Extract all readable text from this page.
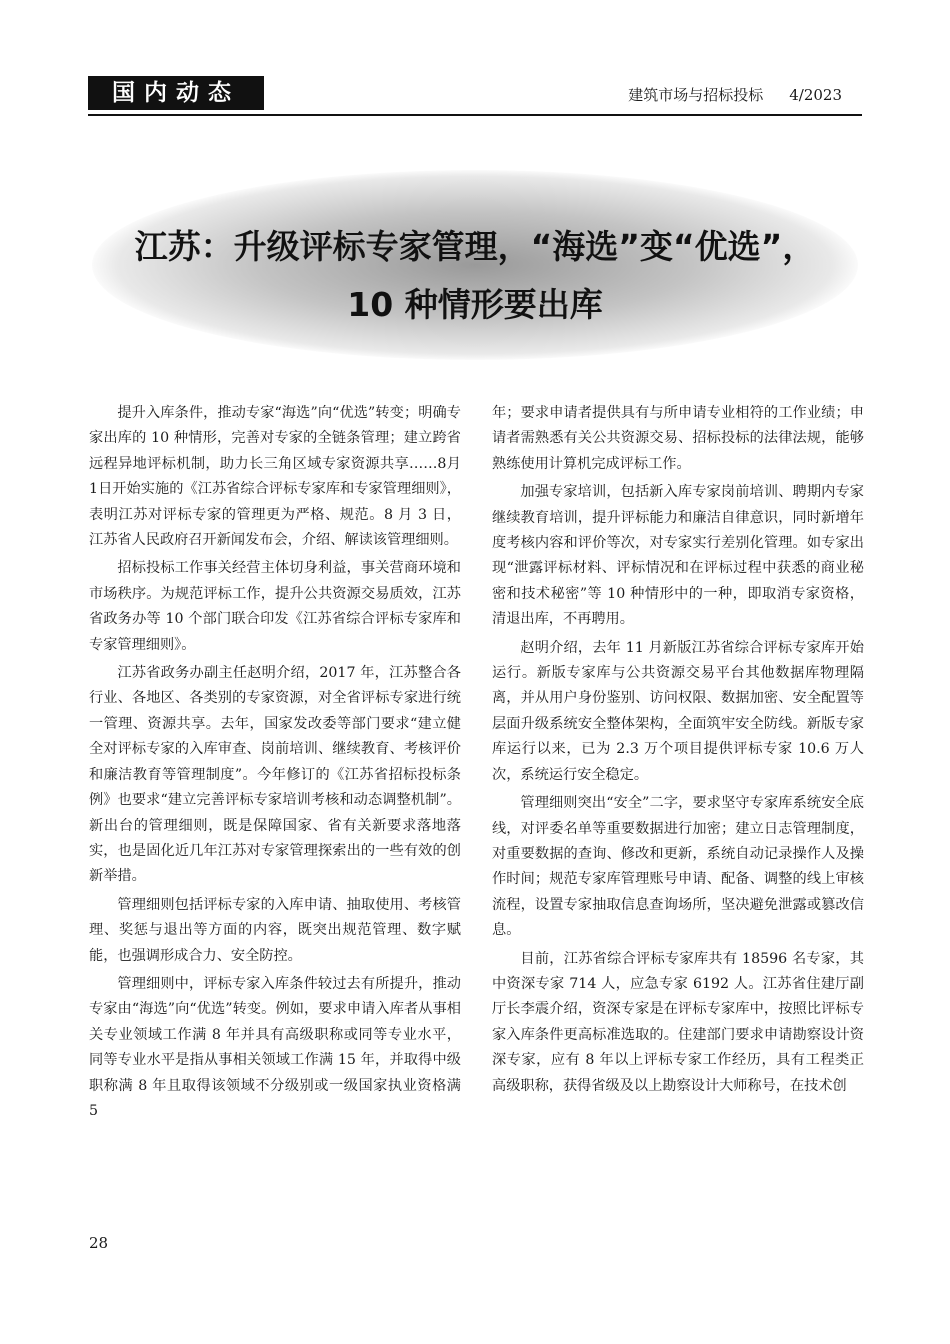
国内动态	建筑市场与招标投标 4/2023
江苏：升级评标专家管理，“海选”变“优选”，
10 种情形要出库

提升入库条件，推动专家“海选”向“优选”转变；明确专家出库的 10 种情形，完善对专家的全链条管理；建立跨省远程异地评标机制，助力长三角区域专家资源共享……8月1日开始实施的《江苏省综合评标专家库和专家管理细则》，表明江苏对评标专家的管理更为严格、规范。8 月 3 日，江苏省人民政府召开新闻发布会，介绍、解读该管理细则。

招标投标工作事关经营主体切身利益，事关营商环境和市场秩序。为规范评标工作，提升公共资源交易质效，江苏省政务办等 10 个部门联合印发《江苏省综合评标专家库和专家管理细则》。

江苏省政务办副主任赵明介绍，2017 年，江苏整合各行业、各地区、各类别的专家资源，对全省评标专家进行统一管理、资源共享。去年，国家发改委等部门要求“建立健全对评标专家的入库审查、岗前培训、继续教育、考核评价和廉洁教育等管理制度”。今年修订的《江苏省招标投标条例》也要求“建立完善评标专家培训考核和动态调整机制”。新出台的管理细则，既是保障国家、省有关新要求落地落实，也是固化近几年江苏对专家管理探索出的一些有效的创新举措。

管理细则包括评标专家的入库申请、抽取使用、考核管理、奖惩与退出等方面的内容，既突出规范管理、数字赋能，也强调形成合力、安全防控。

管理细则中，评标专家入库条件较过去有所提升，推动专家由“海选”向“优选”转变。例如，要求申请入库者从事相关专业领域工作满 8 年并具有高级职称或同等专业水平，同等专业水平是指从事相关领域工作满 15 年，并取得中级职称满 8 年且取得该领域不分级别或一级国家执业资格满 5

年；要求申请者提供具有与所申请专业相符的工作业绩；申请者需熟悉有关公共资源交易、招标投标的法律法规，能够熟练使用计算机完成评标工作。

加强专家培训，包括新入库专家岗前培训、聘期内专家继续教育培训，提升评标能力和廉洁自律意识，同时新增年度考核内容和评价等次，对专家实行差别化管理。如专家出现“泄露评标材料、评标情况和在评标过程中获悉的商业秘密和技术秘密”等 10 种情形中的一种，即取消专家资格，清退出库，不再聘用。

赵明介绍，去年 11 月新版江苏省综合评标专家库开始运行。新版专家库与公共资源交易平台其他数据库物理隔离，并从用户身份鉴别、访问权限、数据加密、安全配置等层面升级系统安全整体架构，全面筑牢安全防线。新版专家库运行以来，已为 2.3 万个项目提供评标专家 10.6 万人次，系统运行安全稳定。

管理细则突出“安全”二字，要求坚守专家库系统安全底线，对评委名单等重要数据进行加密；建立日志管理制度，对重要数据的查询、修改和更新，系统自动记录操作人及操作时间；规范专家库管理账号申请、配备、调整的线上审核流程，设置专家抽取信息查询场所，坚决避免泄露或篡改信息。

目前，江苏省综合评标专家库共有 18596 名专家，其中资深专家 714 人，应急专家 6192 人。江苏省住建厅副厅长李震介绍，资深专家是在评标专家库中，按照比评标专家入库条件更高标准选取的。住建部门要求申请勘察设计资深专家，应有 8 年以上评标专家工作经历，具有工程类正高级职称，获得省级及以上勘察设计大师称号，在技术创

28
